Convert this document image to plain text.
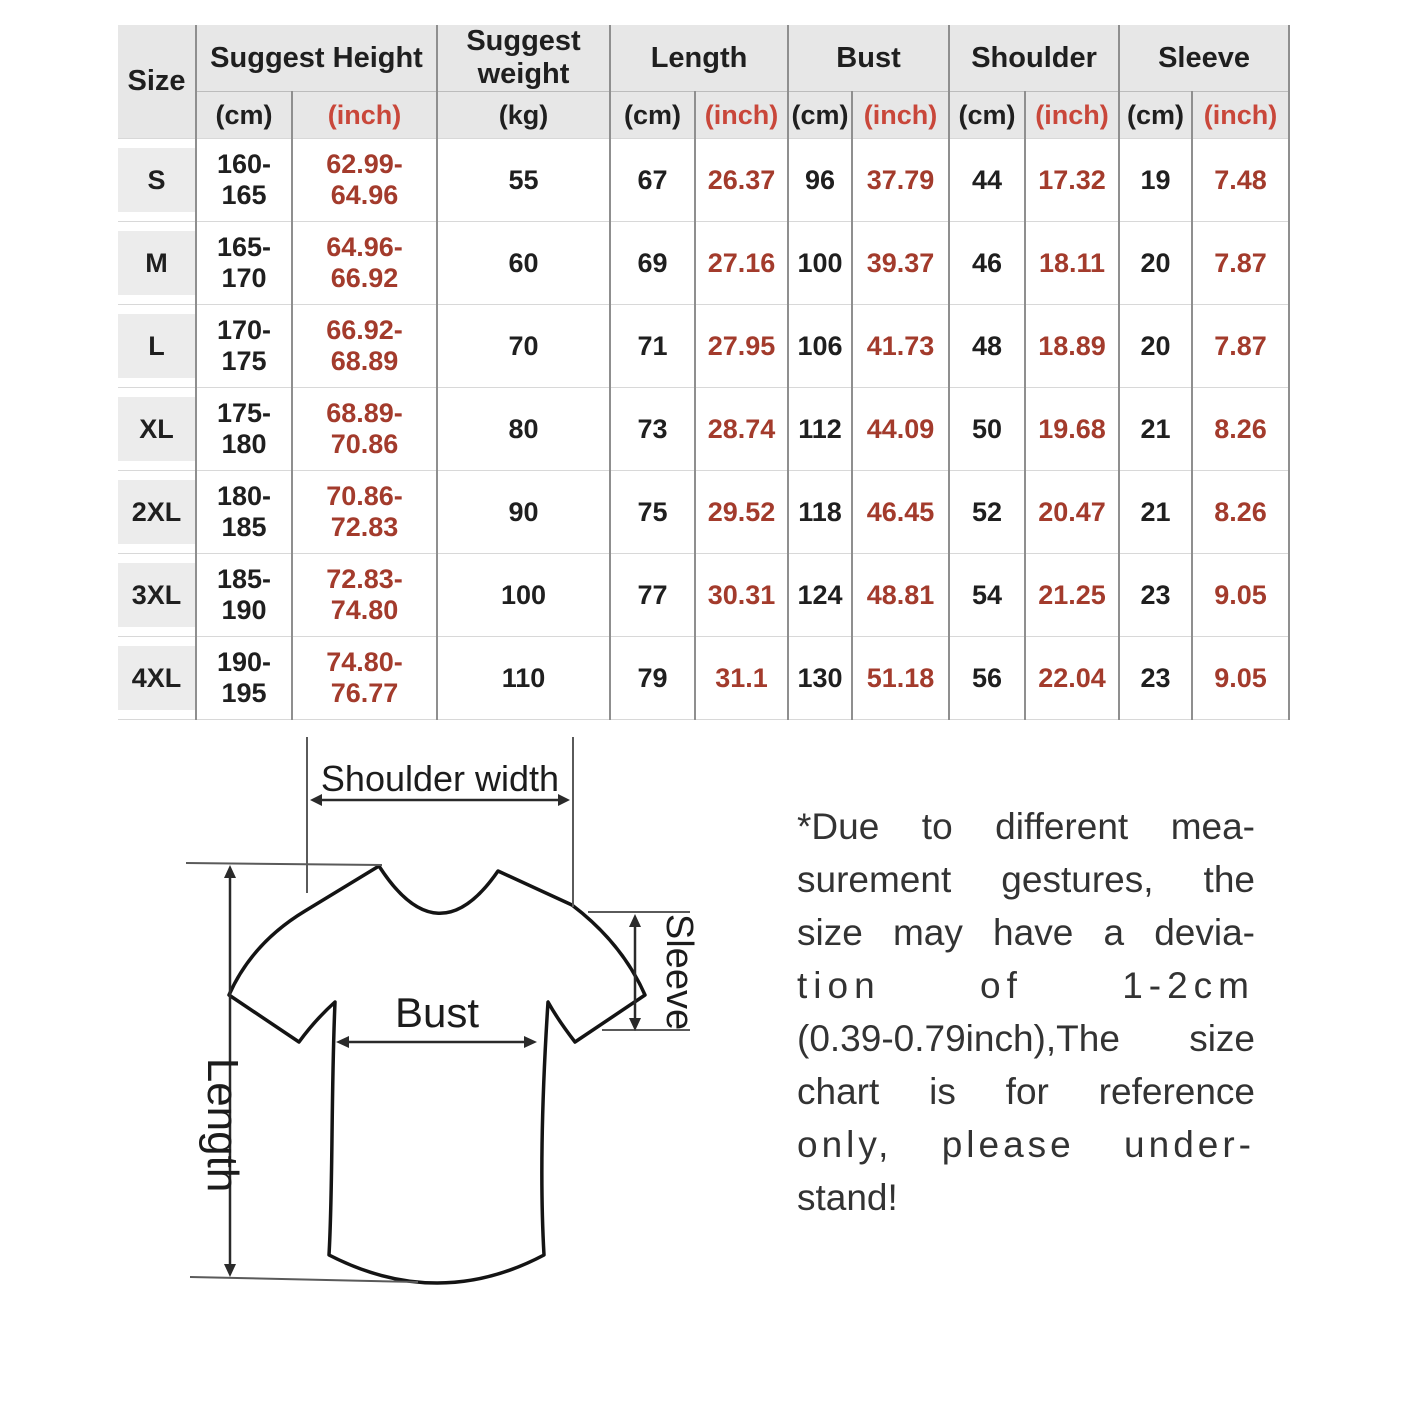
Size	Suggest Height		Suggest weight	Length		Bust		Shoulder		Sleeve	
	(cm)	(inch)	(kg)	(cm)	(inch)	(cm)	(inch)	(cm)	(inch)	(cm)	(inch)

S	160-165	62.99-64.96	55	67	26.37	96	37.79	44	17.32	19	7.48

M	165-170	64.96-66.92	60	69	27.16	100	39.37	46	18.11	20	7.87

L	170-175	66.92-68.89	70	71	27.95	106	41.73	48	18.89	20	7.87

XL	175-180	68.89-70.86	80	73	28.74	112	44.09	50	19.68	21	8.26

2XL	180-185	70.86-72.83	90	75	29.52	118	46.45	52	20.47	21	8.26

3XL	185-190	72.83-74.80	100	77	30.31	124	48.81	54	21.25	23	9.05

4XL	190-195	74.80-76.77	110	79	31.1	130	51.18	56	22.04	23	9.05
Shoulder width
Length
Sleeve
Bust
*Due to different mea-
surement gestures, the
size may have a devia-
tion of 1-2cm
(0.39-0.79inch),The size
chart is for reference
only, please under-
stand!
